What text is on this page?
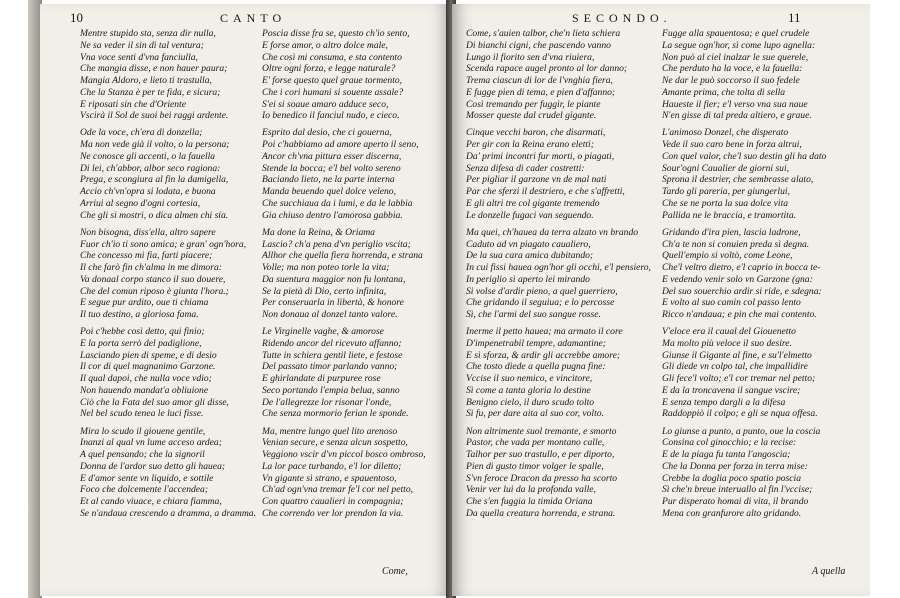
10	CANTO
Mentre stupido sta, senza dir nulla,
Ne sa veder il sin di tal ventura;
Vna voce senti d'vna fanciulla,
Che mangia disse, e non hauer paura;
Mangia Aldoro, e lieto ti trastulla,
Che la Stanza è per te fida, e sicura;
E riposati sin che d'Oriente
Vscirà il Sol de suoi bei raggi ardente.
Ode la voce, ch'era di donzella;
Ma non vede già il volto, o la persona;
Ne conosce gli accenti, o la fauella
Di lei, ch'abbor, albor seco ragiona:
Prega, e scongiura al fin la damigella,
Accio ch'vn'opra si lodata, e buona
Arriui al segno d'ogni cortesia,
Che gli si mostri, o dica almen chi sia.
Non bisogna, diss'ella, altro sapere
Fuor ch'io ti sono amica; e gran' ogn'hora,
Che concesso mi fia, farti piacere;
Il che farò fin ch'alma in me dimora:
Va donaal corpo stanco il suo douere,
Che del comun riposo è giunta l'hora.;
E segue pur ardito, oue ti chiama
Il tuo destino, a gloriosa fama.
Poi c'hebbe così detto, qui finio;
E la porta serrò del padiglione,
Lasciando pien di speme, e di desio
Il cor di quel magnanimo Garzone.
Il qual dapoi, che nulla voce vdio;
Non hauendo mandat'a obliuione
Ciò che la Fata del suo amor gli disse,
Nel bel scudo tenea le luci fisse.
Mira lo scudo il giouene gentile,
Inanzi al qual vn lume acceso ardea;
A quel pensando; che la signoril
Donna de l'ardor suo detto gli hauea;
E d'amor sente vn liquido, e sottile
Foco che dolcemente l'accendea;
Et al cando viuace, e chiara fiamma,
Se n'andaua crescendo a dramma, a dramma.
Poscia disse fra se, questo ch'io sento,
E forse amor, o altro dolce male,
Che così mi consuma, e sta contento
Oltre ogni forza, e legge naturale?
E' forse questo quel graue tormento,
Che i cori humani si souente assale?
S'ei si soaue amaro adduce seco,
Io benedico il fanciul nudo, e cieco.
Esprito dal desio, che ci gouerna,
Poi c'habbiamo ad amore aperto il seno,
Ancor ch'vna pittura esser discerna,
Stende la bocca; e'l bel volto sereno
Baciando lieto, ne la parte interna
Manda beuendo quel dolce veleno,
Che succhiaua da i lumi, e da le labbia
Gia chiuso dentro l'amorosa gabbia.
Ma done la Reina, & Oriama
Lascio? ch'a pena d'vn periglio vscita;
Allhor che quella fiera horrenda, e strana
Volle; ma non poteo torle la vita;
Da suentura maggior non fu lontana,
Se la pietà di Dio, certo infinita,
Per conseruarla in libertà, & honore
Non donaua al donzel tanto valore.
Le Virginelle vaghe, & amorose
Ridendo ancor del ricevuto affanno;
Tutte in schiera gentil liete, e festose
Del passato timor parlando vanno;
E ghirlandate di purpuree rose
Seco portando l'empia belua, sanno
De l'allegrezze lor risonar l'onde,
Che senza mormorio ferian le sponde.
Ma, mentre lungo quel lito arenoso
Venian secure, e senza alcun sospetto,
Veggiono vscir d'vn piccol bosco ombroso,
La lor pace turbando, e'l lor diletto;
Vn gigante sì strano, e spauentoso,
Ch'ad ogn'vna tremar fe'l cor nel petto,
Con quattro caualieri in compagnia;
Che correndo ver lor prendon la via.
Come,
SECONDO.	11
Come, s'auien talbor, che'n lieta schiera
Di bianchi cigni, che pascendo vanno
Lungo il fiorito sen d'vna riuiera,
Scenda rapace augel pronto al lor danno;
Trema ciascun di lor de l'vnghia fiera,
E fugge pien di tema, e pien d'affanno;
Così tremando per fuggir, le piante
Mosser queste dal crudel gigante.
Cinque vecchi baron, che disarmati,
Per gir con la Reina erano eletti;
Da' primi incontri fur morti, o piagati,
Senza difesa di cader costretti:
Per pigliar il garzone vn de mal nati
Par che sferzi il destriero, e che s'affretti,
E gli altri tre col gigante tremendo
Le donzelle fugaci van seguendo.
Ma quei, ch'hauea da terra alzato vn brando
Caduto ad vn piagato caualiero,
De la sua cara amica dubitando;
In cui fissi hauea ogn'hor gli occhi, e'l pensiero,
In periglio sì aperto lei mirando
Si volse d'ardir pieno, a quel guerriero,
Che gridando il seguiua; e lo percosse
Sì, che l'armi del suo sangue rosse.
Inerme il petto hauea; ma armato il core
D'impenetrabil tempre, adamantine;
E sì sforza, & ardir gli accrebbe amore;
Che tosto diede a quella pugna fine:
Vccise il suo nemico, e vincitore,
Sì come a tanta gloria lo destine
Benigno cielo, il duro scudo tolto
Sì fu, per dare aita al suo cor, volto.
Non altrimente suol tremante, e smorto
Pastor, che vada per montano calle,
Talhor per suo trastullo, e per diporto,
Pien di gusto timor volger le spalle,
S'vn feroce Dracon da presso ha scorto
Venir ver lui da la profonda valle,
Che s'en fuggia la timida Oriana
Da quella creatura horrenda, e strana.
Fugge alla spauentosa; e quel crudele
La segue ogn'hor, sì come lupo agnella:
Non può al ciel inalzar le sue querele,
Che perduto ha la voce, e la fauella:
Ne dar le può soccorso il suo fedele
Amante prima, che tolta di sella
Haueste il fier; e'l verso vna sua naue
N'en gisse di tal preda altiero, e graue.
L'animoso Donzel, che disperato
Vede il suo caro bene in forza altrui,
Con quel valor, che'l suo destin gli ha dato
Sour'ogni Caualier de giorni sui,
Sprona il destrier, che sembrasse alato,
Tardo gli pareria, per giungerlui,
Che se ne porta la sua dolce vita
Pallida ne le braccia, e tramortita.
Gridando d'ira pien, lascia ladrone,
Ch'a te non si conuien preda sì degna.
Quell'empio si voltò, come Leone,
Che'l veltro dietro, e'l caprio in bocca te-
E vedendo venir solo vn Garzone (gna:
Del suo souerchio ardir si ride, e sdegna:
E volto al suo camin col passo lento
Ricco n'andaua; e pin che mai contento.
V'eloce era il caual del Giouenetto
Ma molto più veloce il suo desire.
Giunse il Gigante al fine, e su'l'elmetto
Gli diede vn colpo tal, che impallidire
Gli fece'l volto; e'l cor tremar nel petto;
E da la troncavena il sangue vscire;
E senza tempo dargli a la difesa
Raddoppiò il colpo; e gli se nqua offesa.
Lo giunse a punto, a punto, oue la coscia
Consina col ginocchio; e la recise:
E de la piaga fu tanta l'angoscia;
Che la Donna per forza in terra mise:
Crebbe la doglia poco spatio poscia
Sì che'n breue interuallo al fin l'vccise;
Pur disperato homai di vita, il brando
Mena con granfurore alto gridando.
A quella
